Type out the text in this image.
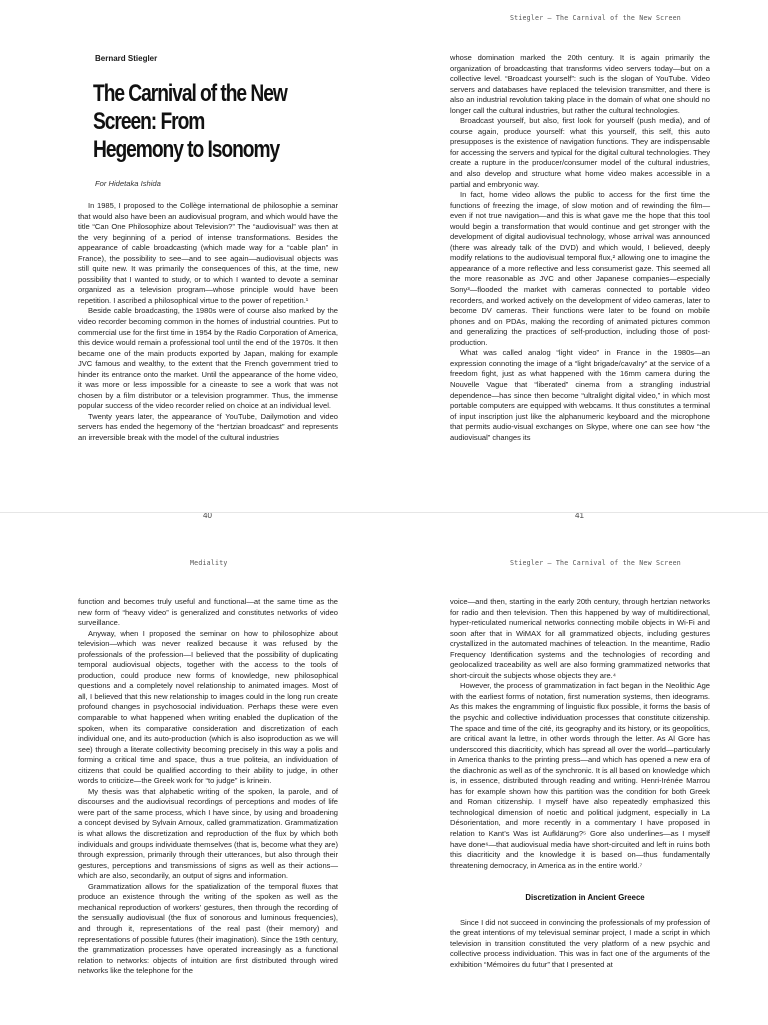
Bernard Stiegler
The Carnival of the New Screen: From Hegemony to Isonomy
For Hidetaka Ishida

In 1985, I proposed to the Collège international de philosophie a seminar that would also have been an audiovisual program, and which would have the title “Can One Philosophize about Television?” The “audiovisual” was then at the very beginning of a period of intense transformations. Besides the appearance of cable broadcasting (which made way for a “cable plan” in France), the possibility to see—and to see again—audiovisual objects was still quite new. It was primarily the consequences of this, at the time, new possibility that I wanted to study, or to which I wanted to devote a seminar organized as a television program—whose principle would have been repetition. I ascribed a philosophical virtue to the power of repetition.¹

Beside cable broadcasting, the 1980s were of course also marked by the video recorder becoming common in the homes of industrial countries. Put to commercial use for the first time in 1954 by the Radio Corporation of America, this device would remain a professional tool until the end of the 1970s. It then became one of the main products exported by Japan, making for example JVC famous and wealthy, to the extent that the French government tried to hinder its entrance onto the market. Until the appearance of the home video, it was more or less impossible for a cineaste to see a work that was not chosen by a film distributor or a television programmer. Thus, the immense popular success of the video recorder relied on choice at an individual level.

Twenty years later, the appearance of YouTube, Dailymotion and video servers has ended the hegemony of the “hertzian broadcast” and represents an irreversible break with the model of the cultural industries

40
Stiegler – The Carnival of the New Screen

whose domination marked the 20th century. It is again primarily the organization of broadcasting that transforms video servers today—but on a collective level. “Broadcast yourself”: such is the slogan of YouTube. Video servers and databases have replaced the television transmitter, and there is also an industrial revolution taking place in the domain of what one should no longer call the cultural industries, but rather the cultural technologies.

Broadcast yourself, but also, first look for yourself (push media), and of course again, produce yourself: what this yourself, this self, this auto presupposes is the existence of navigation functions. They are indispensable for accessing the servers and typical for the digital cultural technologies. They create a rupture in the producer/consumer model of the cultural industries, and also develop and structure what home video makes accessible in a partial and embryonic way.

In fact, home video allows the public to access for the first time the functions of freezing the image, of slow motion and of rewinding the film—even if not true navigation—and this is what gave me the hope that this tool would begin a transformation that would continue and get stronger with the development of digital audiovisual technology, whose arrival was announced (there was already talk of the DVD) and which would, I believed, deeply modify relations to the audiovisual temporal flux,² allowing one to imagine the appearance of a more reflective and less consumerist gaze. This seemed all the more reasonable as JVC and other Japanese companies—especially Sony³—flooded the market with cameras connected to portable video recorders, and worked actively on the development of video cameras, later to become DV cameras. Their functions were later to be found on mobile phones and on PDAs, making the recording of animated pictures common and generalizing the practices of self-production, including those of post-production.

What was called analog “light video” in France in the 1980s—an expression connoting the image of a “light brigade/cavalry” at the service of a freedom fight, just as what happened with the 16mm camera during the Nouvelle Vague that “liberated” cinema from a strangling industrial dependence—has since then become “ultralight digital video,” in which most portable computers are equipped with webcams. It thus constitutes a terminal of input inscription just like the alphanumeric keyboard and the microphone that permits audio-visual exchanges on Skype, where one can see how “the audiovisual” changes its

41
Mediality

function and becomes truly useful and functional—at the same time as the new form of “heavy video” is generalized and constitutes networks of video surveillance.

Anyway, when I proposed the seminar on how to philosophize about television—which was never realized because it was refused by the professionals of the profession—I believed that the possibility of duplicating temporal audiovisual objects, together with the access to the tools of production, could produce new forms of knowledge, new philosophical questions and a completely novel relationship to animated images. Most of all, I believed that this new relationship to images could in the long run create profound changes in psychosocial individuation. Perhaps these were even comparable to what happened when writing enabled the duplication of the spoken, when its comparative consideration and discretization of each individual one, and its auto-production (which is also isoproduction as we will see) through a literate collectivity becoming precisely in this way a polis and forming a critical time and space, thus a true politeia, an individuation of citizens that could be qualified according to their ability to judge, in other words to criticize—the Greek work for “to judge” is krinein.

My thesis was that alphabetic writing of the spoken, la parole, and of discourses and the audiovisual recordings of perceptions and modes of life were part of the same process, which I have since, by using and broadening a concept devised by Sylvain Arnoux, called grammatization. Grammatization is what allows the discretization and reproduction of the flux by which both individuals and groups individuate themselves (that is, become what they are) through expression, primarily through their utterances, but also through their gestures, perceptions and transmissions of signs as well as their actions—which are also, secondarily, an output of signs and information.

Grammatization allows for the spatialization of the temporal fluxes that produce an existence through the writing of the spoken as well as the mechanical reproduction of workers’ gestures, then through the recording of the sensually audiovisual (the flux of sonorous and luminous frequencies), and through it, representations of the real past (their memory) and representations of possible futures (their imagination). Since the 19th century, the grammatization processes have operated increasingly as a functional relation to networks: objects of intuition are first distributed through wired networks like the telephone for the

Stiegler – The Carnival of the New Screen

voice—and then, starting in the early 20th century, through hertzian networks for radio and then television. Then this happened by way of multidirectional, hyper-reticulated numerical networks connecting mobile objects in Wi-Fi and soon after that in WiMAX for all grammatized objects, including gestures crystallized in the automated machines of teleaction. In the meantime, Radio Frequency Identification systems and the technologies of recording and geolocalized traceability as well are also forming grammatized networks that short-circuit the subjects whose objects they are.⁴

However, the process of grammatization in fact began in the Neolithic Age with the earliest forms of notation, first numeration systems, then ideograms. As this makes the engramming of linguistic flux possible, it forms the basis of the psychic and collective individuation processes that constitute citizenship. The space and time of the cité, its geography and its history, or its geopolitics, are critical avant la lettre, in other words through the letter. As Al Gore has underscored this diacriticity, which has spread all over the world—particularly in America thanks to the printing press—and which has opened a new era of the diachronic as well as of the synchronic. It is all based on knowledge which is, in essence, distributed through reading and writing. Henri-Irénée Marrou has for example shown how this partition was the condition for both Greek and Roman citizenship. I myself have also repeatedly emphasized this technological dimension of noetic and political judgment, especially in La Désorientation, and more recently in a commentary I have proposed in relation to Kant’s Was ist Aufklärung?⁵ Gore also underlines—as I myself have done⁶—that audiovisual media have short-circuited and left in ruins both this diacriticity and the knowledge it is based on—thus fundamentally threatening democracy, in America as in the entire world.⁷

Discretization in Ancient Greece

Since I did not succeed in convincing the professionals of my profession of the great intentions of my televisual seminar project, I made a script in which television in transition constituted the very platform of a new psychic and collective process individuation. This was in fact one of the arguments of the exhibition “Mémoires du futur” that I presented at
